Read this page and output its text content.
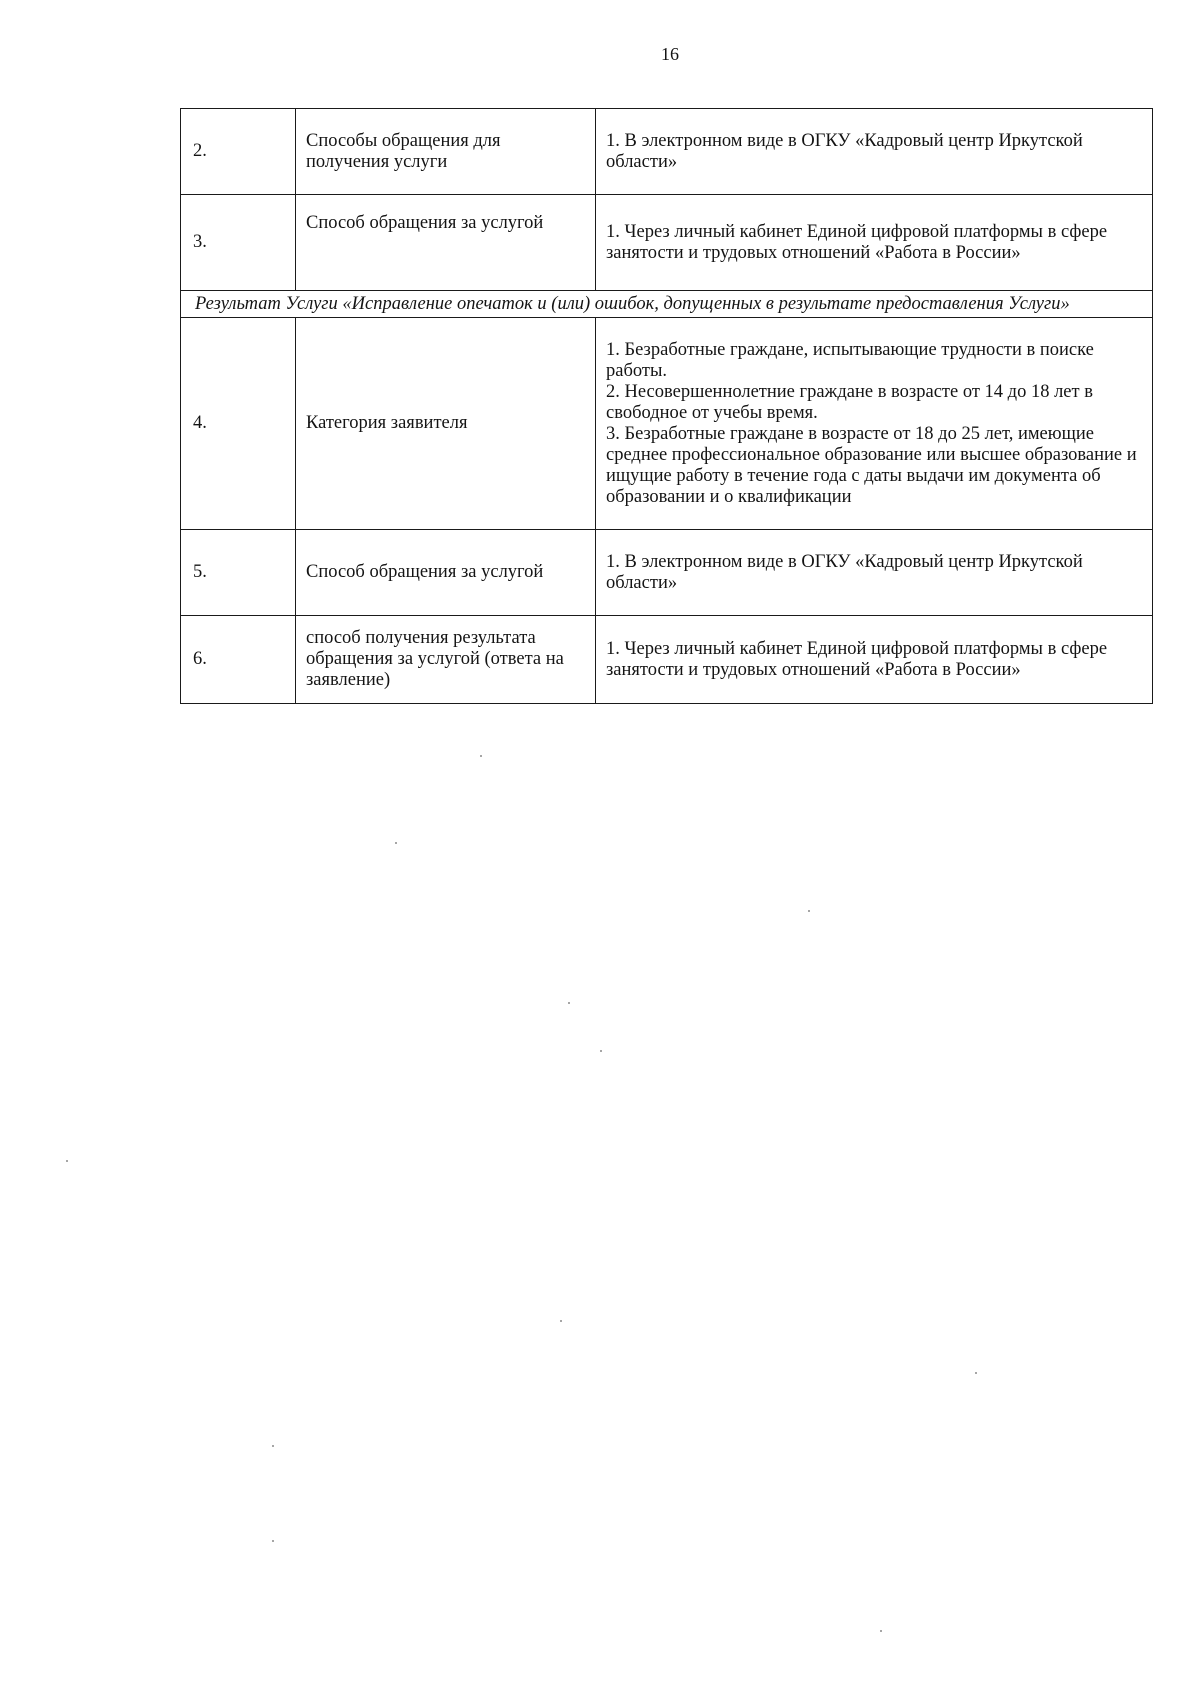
16
2.	Способы обращения для получения услуги	1. В электронном виде в ОГКУ «Кадровый центр Иркутской области»
3.	Способ обращения за услугой	1. Через личный кабинет Единой цифровой платформы в сфере занятости и трудовых отношений «Работа в России»
Результат Услуги «Исправление опечаток и (или) ошибок, допущенных в результате предоставления Услуги»		
4.	Категория заявителя	1. Безработные граждане, испытывающие трудности в поиске работы.
2. Несовершеннолетние граждане в возрасте от 14 до 18 лет в свободное от учебы время.
3. Безработные граждане в возрасте от 18 до 25 лет, имеющие среднее профессиональное образование или высшее образование и ищущие работу в течение года с даты выдачи им документа об образовании и о квалификации
5.	Способ обращения за услугой	1. В электронном виде в ОГКУ «Кадровый центр Иркутской области»
6.	способ получения результата обращения за услугой (ответа на заявление)	1. Через личный кабинет Единой цифровой платформы в сфере занятости и трудовых отношений «Работа в России»
